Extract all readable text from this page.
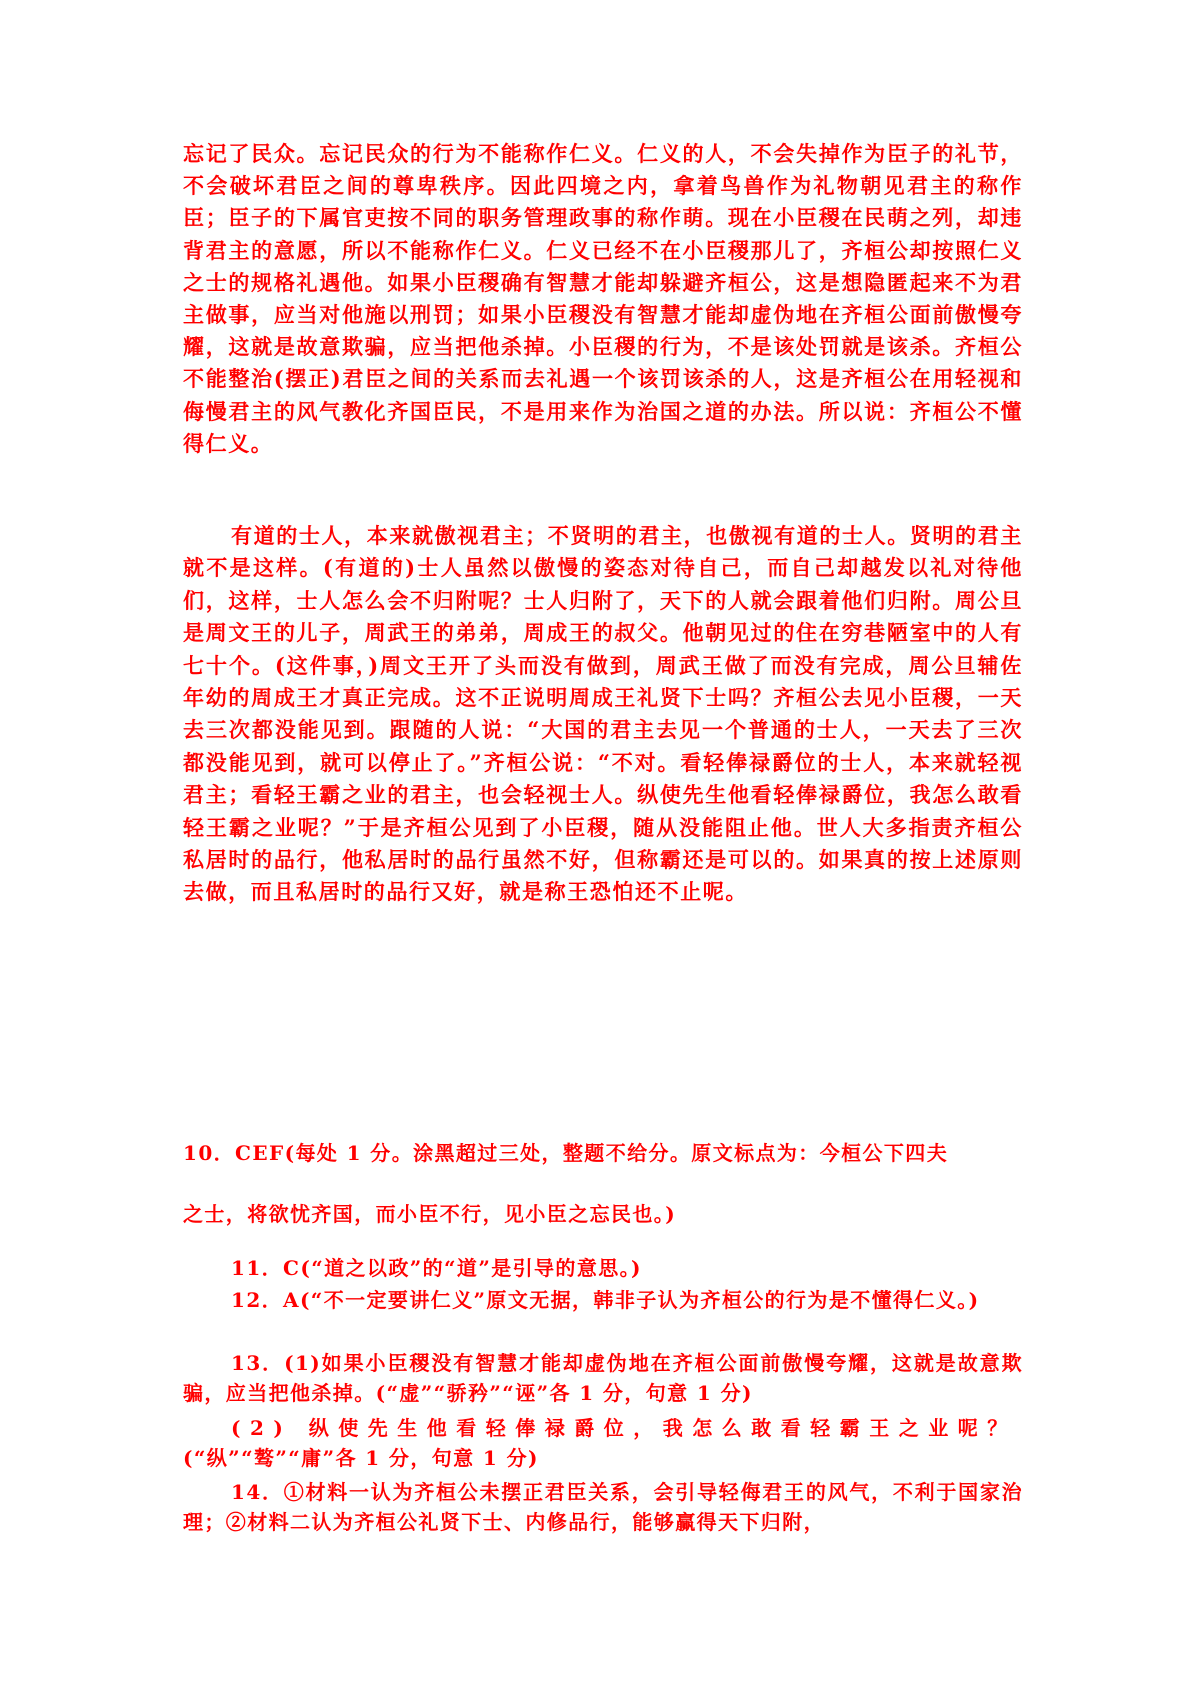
忘记了民众。忘记民众的行为不能称作仁义。仁义的人，不会失掉作为臣子的礼节，不会破坏君臣之间的尊卑秩序。因此四境之内，拿着鸟兽作为礼物朝见君主的称作臣；臣子的下属官吏按不同的职务管理政事的称作萌。现在小臣稷在民萌之列，却违背君主的意愿，所以不能称作仁义。仁义已经不在小臣稷那儿了，齐桓公却按照仁义之士的规格礼遇他。如果小臣稷确有智慧才能却躲避齐桓公，这是想隐匿起来不为君主做事，应当对他施以刑罚；如果小臣稷没有智慧才能却虚伪地在齐桓公面前傲慢夸耀，这就是故意欺骗，应当把他杀掉。小臣稷的行为，不是该处罚就是该杀。齐桓公不能整治(摆正)君臣之间的关系而去礼遇一个该罚该杀的人，这是齐桓公在用轻视和侮慢君主的风气教化齐国臣民，不是用来作为治国之道的办法。所以说：齐桓公不懂得仁义。

有道的士人，本来就傲视君主；不贤明的君主，也傲视有道的士人。贤明的君主就不是这样。(有道的)士人虽然以傲慢的姿态对待自己，而自己却越发以礼对待他们，这样，士人怎么会不归附呢？士人归附了，天下的人就会跟着他们归附。周公旦是周文王的儿子，周武王的弟弟，周成王的叔父。他朝见过的住在穷巷陋室中的人有七十个。(这件事，)周文王开了头而没有做到，周武王做了而没有完成，周公旦辅佐年幼的周成王才真正完成。这不正说明周成王礼贤下士吗？齐桓公去见小臣稷，一天去三次都没能见到。跟随的人说：“大国的君主去见一个普通的士人，一天去了三次都没能见到，就可以停止了。”齐桓公说：“不对。看轻俸禄爵位的士人，本来就轻视君主；看轻王霸之业的君主，也会轻视士人。纵使先生他看轻俸禄爵位，我怎么敢看轻王霸之业呢？”于是齐桓公见到了小臣稷，随从没能阻止他。世人大多指责齐桓公私居时的品行，他私居时的品行虽然不好，但称霸还是可以的。如果真的按上述原则去做，而且私居时的品行又好，就是称王恐怕还不止呢。

10．CEF(每处 1 分。涂黑超过三处，整题不给分。原文标点为：今桓公下四夫

之士，将欲忧齐国，而小臣不行，见小臣之忘民也。)

11．C(“道之以政”的“道”是引导的意思。)

12．A(“不一定要讲仁义”原文无据，韩非子认为齐桓公的行为是不懂得仁义。)

13．(1)如果小臣稷没有智慧才能却虚伪地在齐桓公面前傲慢夸耀，这就是故意欺骗，应当把他杀掉。(“虚”“骄矜”“诬”各 1 分，句意 1 分)

(2) 纵使先生他看轻俸禄爵位，我怎么敢看轻霸王之业呢？

(“纵”“骜”“庸”各 1 分，句意 1 分)

14．①材料一认为齐桓公未摆正君臣关系，会引导轻侮君王的风气，不利于国家治理；②材料二认为齐桓公礼贤下士、内修品行，能够赢得天下归附，
